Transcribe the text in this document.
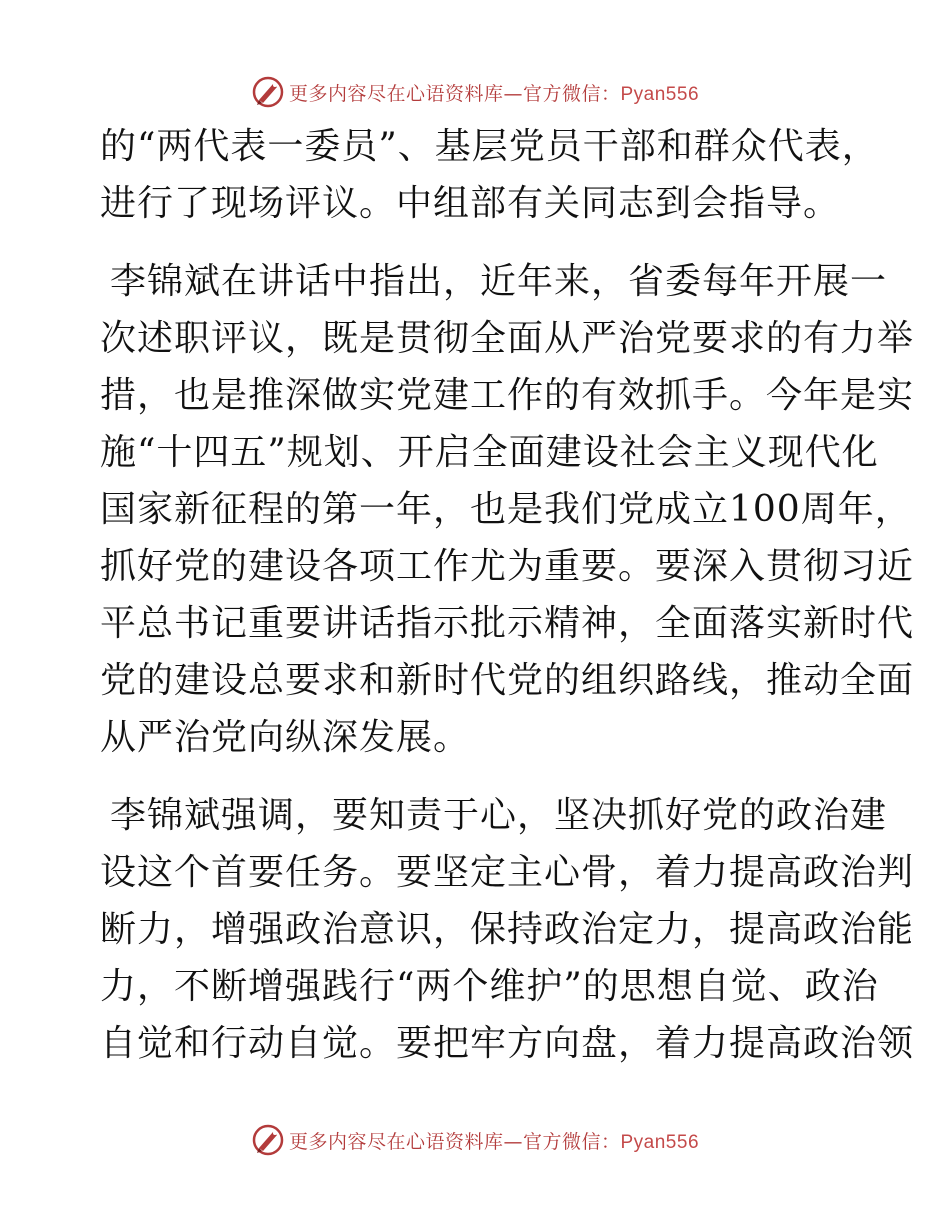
更多内容尽在心语资料库—官方微信：Pyan556
的“两代表一委员”、基层党员干部和群众代表，
进行了现场评议。中组部有关同志到会指导。
李锦斌在讲话中指出，近年来，省委每年开展一
次述职评议，既是贯彻全面从严治党要求的有力举
措，也是推深做实党建工作的有效抓手。今年是实
施“十四五”规划、开启全面建设社会主义现代化
国家新征程的第一年，也是我们党成立100周年，
抓好党的建设各项工作尤为重要。要深入贯彻习近
平总书记重要讲话指示批示精神，全面落实新时代
党的建设总要求和新时代党的组织路线，推动全面
从严治党向纵深发展。
李锦斌强调，要知责于心，坚决抓好党的政治建
设这个首要任务。要坚定主心骨，着力提高政治判
断力，增强政治意识，保持政治定力，提高政治能
力，不断增强践行“两个维护”的思想自觉、政治
自觉和行动自觉。要把牢方向盘，着力提高政治领
更多内容尽在心语资料库—官方微信：Pyan556
